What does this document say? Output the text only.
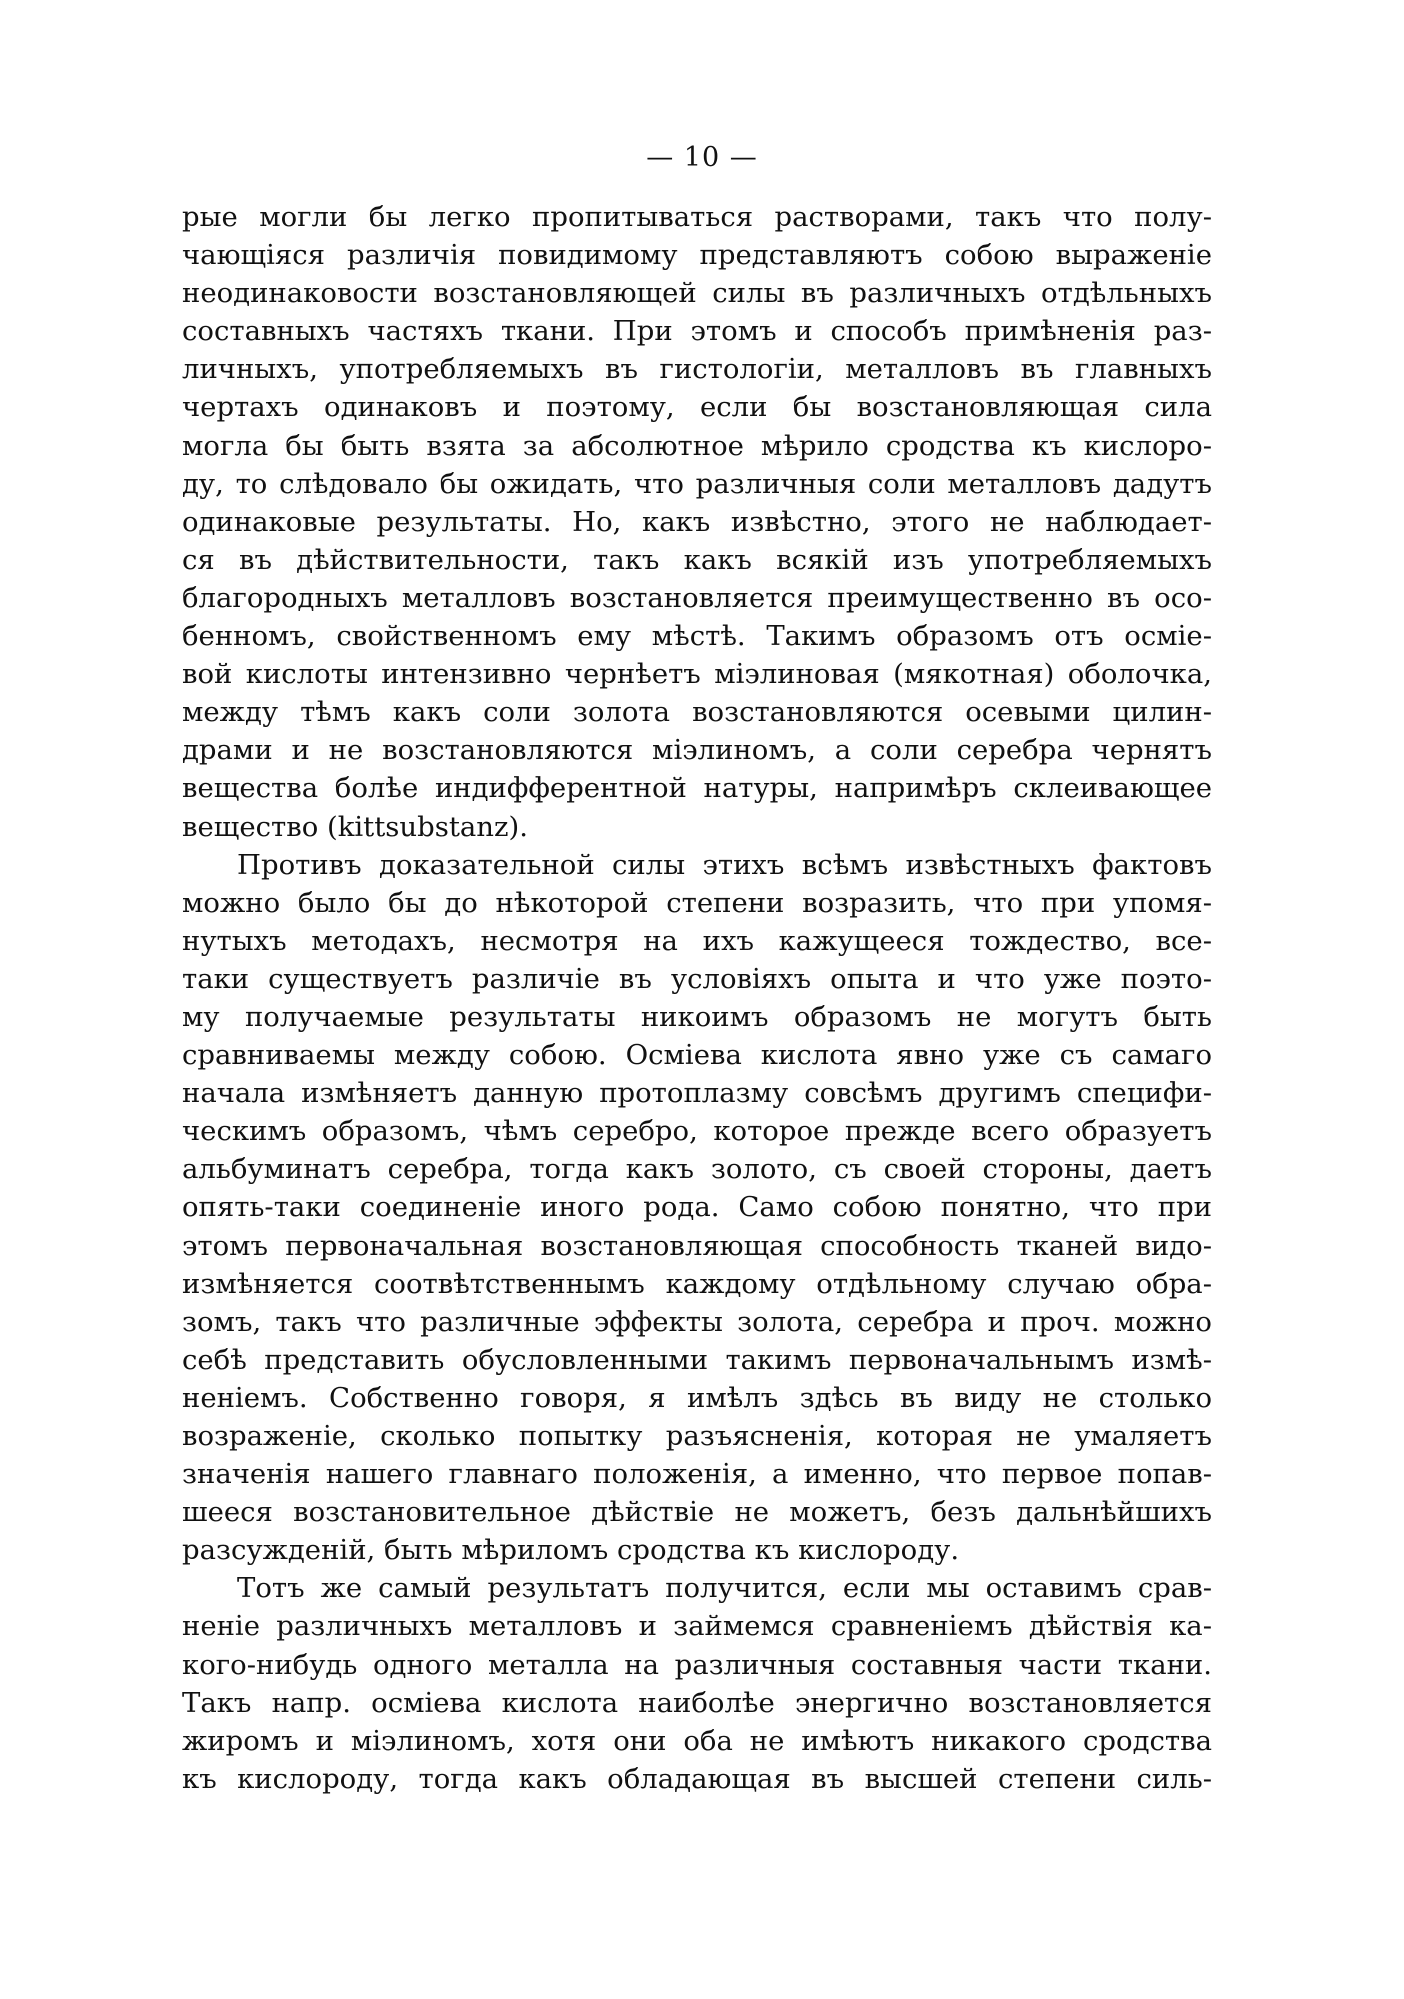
— 10 —
рые могли бы легко пропитываться растворами, такъ что полу-
чающіяся различія повидимому представляютъ собою выраженіе
неодинаковости возстановляющей силы въ различныхъ отдѣльныхъ
составныхъ частяхъ ткани. При этомъ и способъ примѣненія раз-
личныхъ, употребляемыхъ въ гистологіи, металловъ въ главныхъ
чертахъ одинаковъ и поэтому, если бы возстановляющая сила
могла бы быть взята за абсолютное мѣрило сродства къ кислоро-
ду, то слѣдовало бы ожидать, что различныя соли металловъ дадутъ
одинаковые результаты. Но, какъ извѣстно, этого не наблюдает-
ся въ дѣйствительности, такъ какъ всякій изъ употребляемыхъ
благородныхъ металловъ возстановляется преимущественно въ осо-
бенномъ, свойственномъ ему мѣстѣ. Такимъ образомъ отъ осміе-
вой кислоты интензивно чернѣетъ міэлиновая (мякотная) оболочка,
между тѣмъ какъ соли золота возстановляются осевыми цилин-
драми и не возстановляются міэлиномъ, а соли серебра чернятъ
вещества болѣе индифферентной натуры, напримѣръ склеивающее
вещество (kittsubstanz).
Противъ доказательной силы этихъ всѣмъ извѣстныхъ фактовъ
можно было бы до нѣкоторой степени возразить, что при упомя-
нутыхъ методахъ, несмотря на ихъ кажущееся тождество, все-
таки существуетъ различіе въ условіяхъ опыта и что уже поэто-
му получаемые результаты никоимъ образомъ не могутъ быть
сравниваемы между собою. Осміева кислота явно уже съ самаго
начала измѣняетъ данную протоплазму совсѣмъ другимъ специфи-
ческимъ образомъ, чѣмъ серебро, которое прежде всего образуетъ
альбуминатъ серебра, тогда какъ золото, съ своей стороны, даетъ
опять-таки соединеніе иного рода. Само собою понятно, что при
этомъ первоначальная возстановляющая способность тканей видо-
измѣняется соотвѣтственнымъ каждому отдѣльному случаю обра-
зомъ, такъ что различные эффекты золота, серебра и проч. можно
себѣ представить обусловленными такимъ первоначальнымъ измѣ-
неніемъ. Собственно говоря, я имѣлъ здѣсь въ виду не столько
возраженіе, сколько попытку разъясненія, которая не умаляетъ
значенія нашего главнаго положенія, а именно, что первое попав-
шееся возстановительное дѣйствіе не можетъ, безъ дальнѣйшихъ
разсужденій, быть мѣриломъ сродства къ кислороду.
Тотъ же самый результатъ получится, если мы оставимъ срав-
неніе различныхъ металловъ и займемся сравненіемъ дѣйствія ка-
кого-нибудь одного металла на различныя составныя части ткани.
Такъ напр. осміева кислота наиболѣе энергично возстановляется
жиромъ и міэлиномъ, хотя они оба не имѣютъ никакого сродства
къ кислороду, тогда какъ обладающая въ высшей степени силь-
